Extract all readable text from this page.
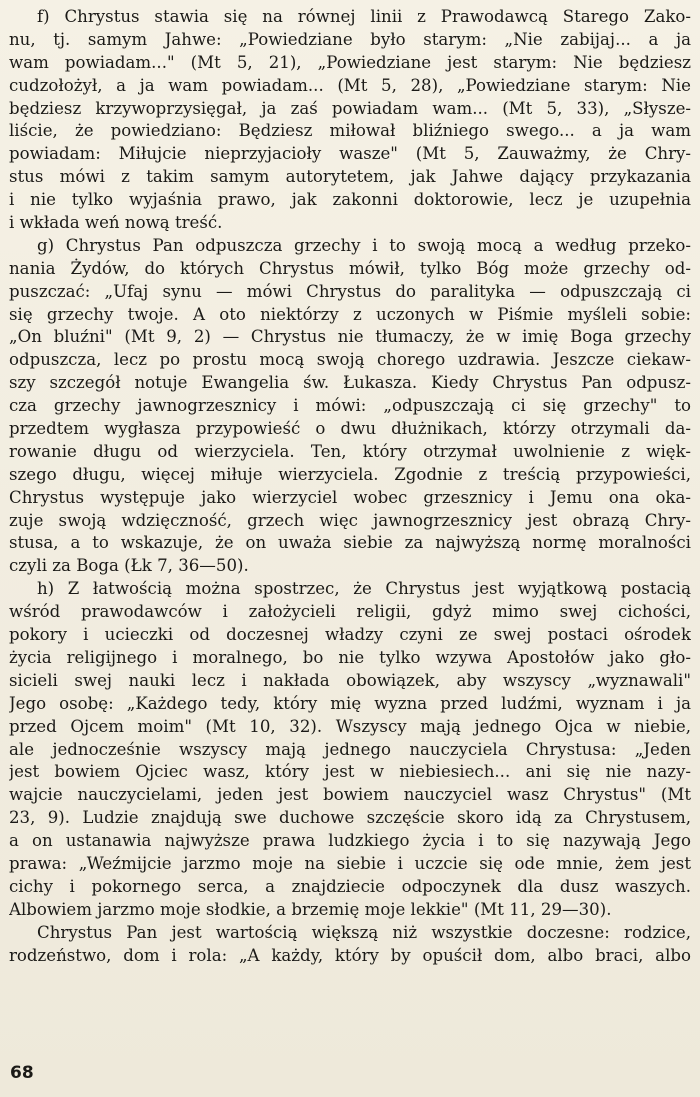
f) Chrystus stawia się na równej linii z Prawodawcą Starego Zako-
nu, tj. samym Jahwe: „Powiedziane było starym: „Nie zabijaj... a ja
wam powiadam..." (Mt 5, 21), „Powiedziane jest starym: Nie będziesz
cudzołożył, a ja wam powiadam... (Mt 5, 28), „Powiedziane starym: Nie
będziesz krzywoprzysięgał, ja zaś powiadam wam... (Mt 5, 33), „Słysze-
liście, że powiedziano: Będziesz miłował bliźniego swego... a ja wam
powiadam: Miłujcie nieprzyjacioły wasze" (Mt 5, Zauważmy, że Chry-
stus mówi z takim samym autorytetem, jak Jahwe dający przykazania
i nie tylko wyjaśnia prawo, jak zakonni doktorowie, lecz je uzupełnia
i wkłada weń nową treść.
g) Chrystus Pan odpuszcza grzechy i to swoją mocą a według przeko-
nania Żydów, do których Chrystus mówił, tylko Bóg może grzechy od-
puszczać: „Ufaj synu — mówi Chrystus do paralityka — odpuszczają ci
się grzechy twoje. A oto niektórzy z uczonych w Piśmie myśleli sobie:
„On bluźni" (Mt 9, 2) — Chrystus nie tłumaczy, że w imię Boga grzechy
odpuszcza, lecz po prostu mocą swoją chorego uzdrawia. Jeszcze ciekaw-
szy szczegół notuje Ewangelia św. Łukasza. Kiedy Chrystus Pan odpusz-
cza grzechy jawnogrzesznicy i mówi: „odpuszczają ci się grzechy" to
przedtem wygłasza przypowieść o dwu dłużnikach, którzy otrzymali da-
rowanie długu od wierzyciela. Ten, który otrzymał uwolnienie z więk-
szego długu, więcej miłuje wierzyciela. Zgodnie z treścią przypowieści,
Chrystus występuje jako wierzyciel wobec grzesznicy i Jemu ona oka-
zuje swoją wdzięczność, grzech więc jawnogrzesznicy jest obrazą Chry-
stusa, a to wskazuje, że on uważa siebie za najwyższą normę moralności
czyli za Boga (Łk 7, 36—50).
h) Z łatwością można spostrzec, że Chrystus jest wyjątkową postacią
wśród prawodawców i założycieli religii, gdyż mimo swej cichości,
pokory i ucieczki od doczesnej władzy czyni ze swej postaci ośrodek
życia religijnego i moralnego, bo nie tylko wzywa Apostołów jako gło-
sicieli swej nauki lecz i nakłada obowiązek, aby wszyscy „wyznawali"
Jego osobę: „Każdego tedy, który mię wyzna przed ludźmi, wyznam i ja
przed Ojcem moim" (Mt 10, 32). Wszyscy mają jednego Ojca w niebie,
ale jednocześnie wszyscy mają jednego nauczyciela Chrystusa: „Jeden
jest bowiem Ojciec wasz, który jest w niebiesiech... ani się nie nazy-
wajcie nauczycielami, jeden jest bowiem nauczyciel wasz Chrystus" (Mt
23, 9). Ludzie znajdują swe duchowe szczęście skoro idą za Chrystusem,
a on ustanawia najwyższe prawa ludzkiego życia i to się nazywają Jego
prawa: „Weźmijcie jarzmo moje na siebie i uczcie się ode mnie, żem jest
cichy i pokornego serca, a znajdziecie odpoczynek dla dusz waszych.
Albowiem jarzmo moje słodkie, a brzemię moje lekkie" (Mt 11, 29—30).
Chrystus Pan jest wartością większą niż wszystkie doczesne: rodzice,
rodzeństwo, dom i rola: „A każdy, który by opuścił dom, albo braci, albo
68
